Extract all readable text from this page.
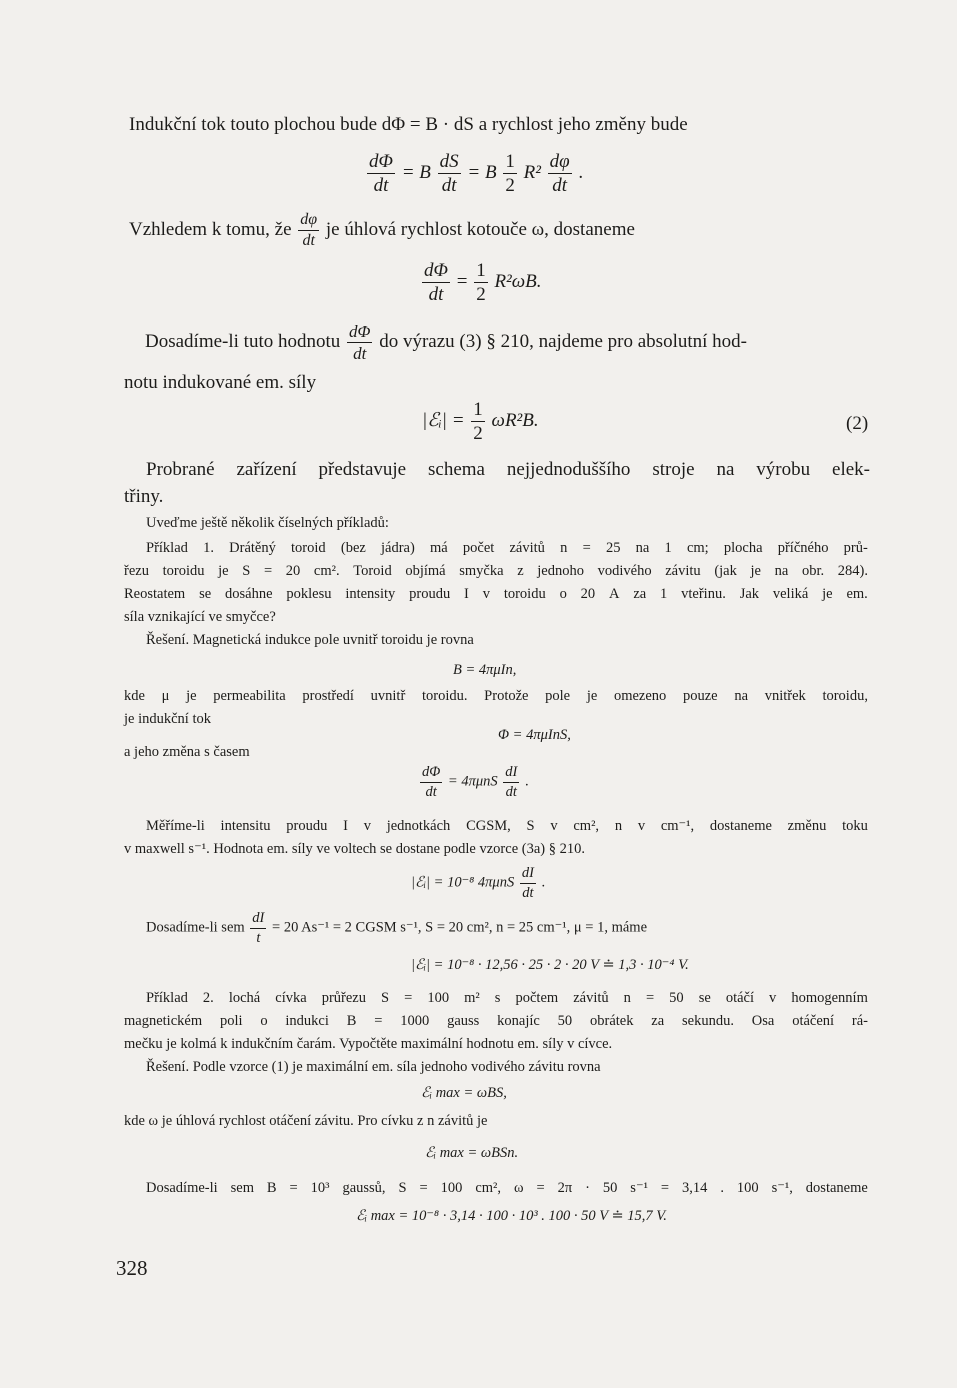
Indukční tok touto plochou bude dΦ = B · dS a rychlost jeho změny bude
$\frac{d\Phi}{dt} = B \frac{dS}{dt} = B \frac{1}{2} R^2 \frac{d\varphi}{dt}$ .
Vzhledem k tomu, že $\frac{d\varphi}{dt}$ je úhlová rychlost kotouče ω, dostaneme
$\frac{d\Phi}{dt} = \frac{1}{2} R^2\omega B$.
Dosadíme-li tuto hodnotu $\frac{d\Phi}{dt}$ do výrazu (3) § 210, najdeme pro absolutní hod-
notu indukované em. síly
|ℰᵢ| = $\frac{1}{2} \omega R^2B$.	(2)
Probrané zařízení představuje schema nejjednoduššího stroje na výrobu elek-
třiny.
Uveďme ještě několik číselných příkladů:
Příklad 1. Drátěný toroid (bez jádra) má počet závitů n = 25 na 1 cm; plocha příčného prů-
řezu toroidu je S = 20 cm². Toroid objímá smyčka z jednoho vodivého závitu (jak je na obr. 284).
Reostatem se dosáhne poklesu intensity proudu I v toroidu o 20 A za 1 vteřinu. Jak veliká je em.
síla vznikající ve smyčce?
Řešení. Magnetická indukce pole uvnitř toroidu je rovna
B = 4πμIn,
kde μ je permeabilita prostředí uvnitř toroidu. Protože pole je omezeno pouze na vnitřek toroidu,
je indukční tok
Φ = 4πμInS,
a jeho změna s časem
$\frac{d\Phi}{dt} = 4\pi\mu nS \frac{dI}{dt}$ .
Měříme-li intensitu proudu I v jednotkách CGSM, S v cm², n v cm⁻¹, dostaneme změnu toku
v maxwell s⁻¹. Hodnota em. síly ve voltech se dostane podle vzorce (3a) § 210.
|ℰᵢ| = 10⁻⁸ $4\pi\mu nS \frac{dI}{dt}$ .
Dosadíme-li sem $\frac{dI}{t} = 20$ As⁻¹ = 2 CGSM s⁻¹, S = 20 cm², n = 25 cm⁻¹, μ = 1, máme
|ℰᵢ| = 10⁻⁸ · 12,56 · 25 · 2 · 20 V ≐ 1,3 · 10⁻⁴ V.
Příklad 2. lochá cívka průřezu S = 100 m² s počtem závitů n = 50 se otáčí v homogenním
magnetickém poli o indukci B = 1000 gauss konajíc 50 obrátek za sekundu. Osa otáčení rá-
mečku je kolmá k indukčním čarám. Vypočtěte maximální hodnotu em. síly v cívce.
Řešení. Podle vzorce (1) je maximální em. síla jednoho vodivého závitu rovna
ℰᵢ max = ωBS,
kde ω je úhlová rychlost otáčení závitu. Pro cívku z n závitů je
ℰᵢ max = ωBSn.
Dosadíme-li sem B = 10³ gaussů, S = 100 cm², ω = 2π · 50 s⁻¹ = 3,14 . 100 s⁻¹, dostaneme
ℰᵢ max = 10⁻⁸ · 3,14 · 100 · 10³ . 100 · 50 V ≐ 15,7 V.
328
